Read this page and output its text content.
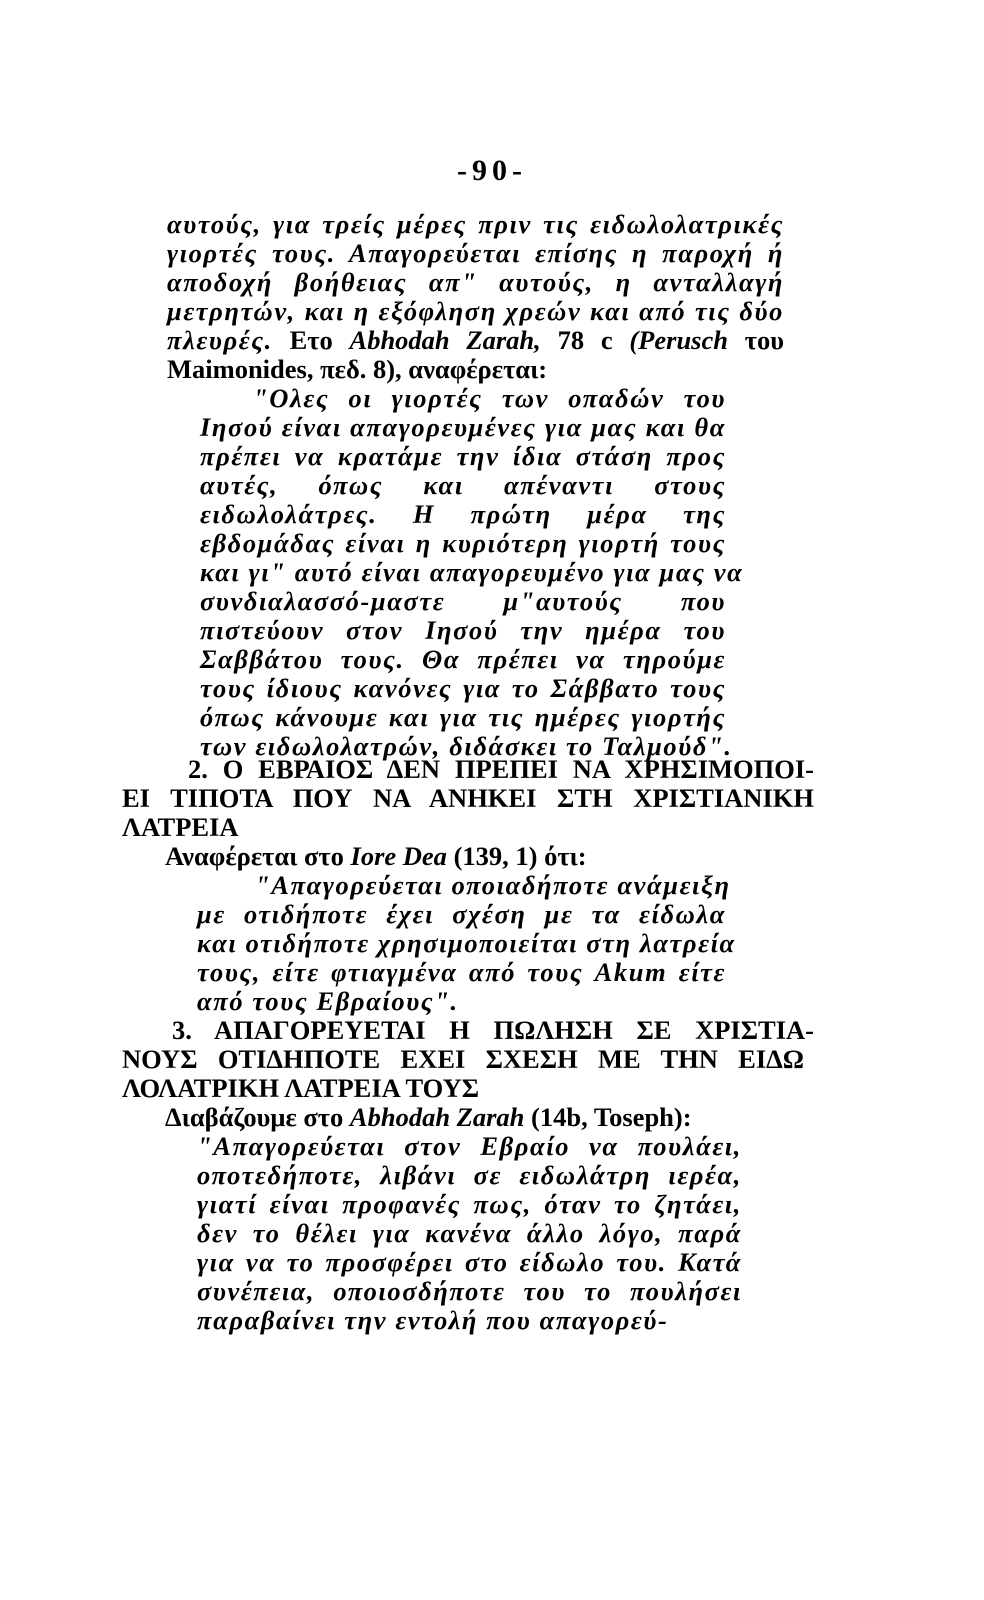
-90-
αυτούς, για τρείς μέρες πριν τις ειδωλολατρικές
γιορτές τους. Απαγορεύεται επίσης η παροχή ή
αποδοχή βοήθειας απ" αυτούς, η ανταλλαγή
μετρητών, και η εξόφληση χρεών και από τις δύο
πλευρές. Ετο Abhodah Zarah, 78 c (Perusch του
Maimonides, πεδ. 8), αναφέρεται:
"Ολες οι γιορτές των οπαδών του
Ιησού είναι απαγορευμένες για μας και θα
πρέπει να κρατάμε την ίδια στάση προς
αυτές, όπως και απέναντι στους
ειδωλολάτρες. Η πρώτη μέρα της
εβδομάδας είναι η κυριότερη γιορτή τους
και γι" αυτό είναι απαγορευμένο για μας να
συνδιαλασσό-μαστε μ"αυτούς που
πιστεύουν στον Ιησού την ημέρα του
Σαββάτου τους. Θα πρέπει να τηρούμε
τους ίδιους κανόνες για το Σάββατο τους
όπως κάνουμε και για τις ημέρες γιορτής
των ειδωλολατρών, διδάσκει το Ταλμούδ".
2. Ο ΕΒΡΑΙΟΣ ΔΕΝ ΠΡΕΠΕΙ ΝΑ ΧΡΗΣΙΜΟΠΟΙ-
ΕΙ ΤΙΠΟΤΑ ΠΟΥ ΝΑ ΑΝΗΚΕΙ ΣΤΗ ΧΡΙΣΤΙΑΝΙΚΗ
ΛΑΤΡΕΙΑ
Αναφέρεται στο Iore Dea (139, 1) ότι:
"Απαγορεύεται οποιαδήποτε ανάμειξη
με οτιδήποτε έχει σχέση με τα είδωλα
και οτιδήποτε χρησιμοποιείται στη λατρεία
τους, είτε φτιαγμένα από τους Akum είτε
από τους Εβραίους".
3. ΑΠΑΓΟΡΕΥΕΤΑΙ Η ΠΩΛΗΣΗ ΣΕ ΧΡΙΣΤΙΑ-
ΝΟΥΣ ΟΤΙΔΗΠΟΤΕ ΕΧΕΙ ΣΧΕΣΗ ΜΕ ΤΗΝ ΕΙΔΩ
ΛΟΛΑΤΡΙΚΗ ΛΑΤΡΕΙΑ ΤΟΥΣ
Διαβάζουμε στο Abhodah Zarah (14b, Toseph):
"Απαγορεύεται στον Εβραίο να πουλάει,
οποτεδήποτε, λιβάνι σε ειδωλάτρη ιερέα,
γιατί είναι προφανές πως, όταν το ζητάει,
δεν το θέλει για κανένα άλλο λόγο, παρά
για να το προσφέρει στο είδωλο του. Κατά
συνέπεια, οποιοσδήποτε του το πουλήσει
παραβαίνει την εντολή που απαγορεύ-
